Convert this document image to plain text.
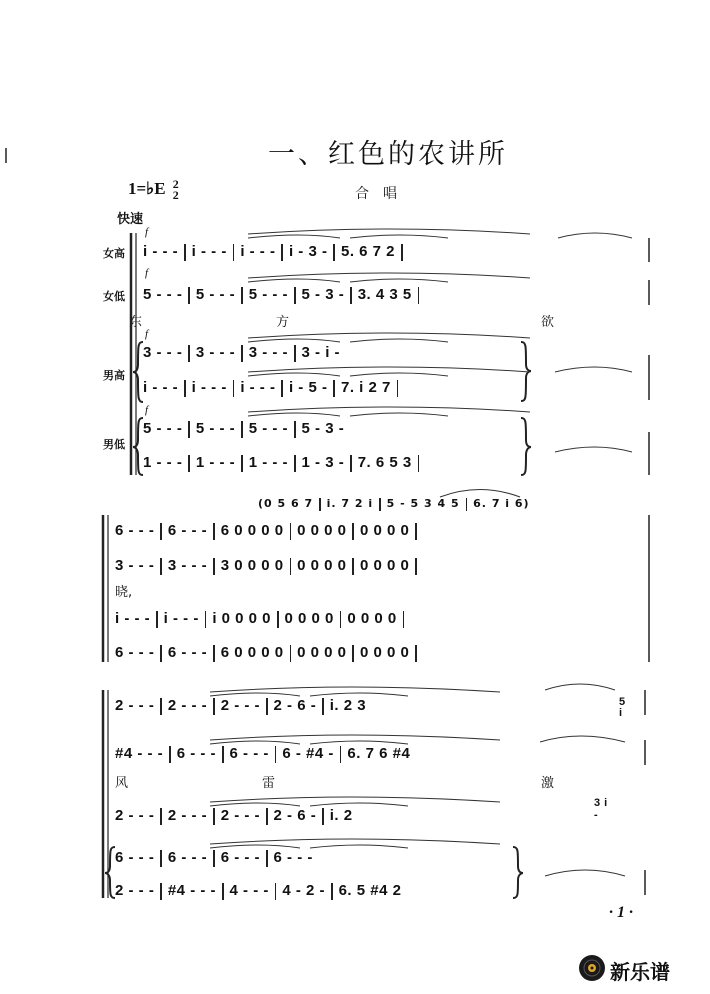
一、红色的农讲所
1=♭E 2
2	合唱
快速
女高
女低
男高
男低
f
f
f
f
i - - - i - - - i - - - i - 3 - 5. 6 7 2
5 - - - 5 - - - 5 - - - 5 - 3 - 3. 4 3 5
东	方	欲
3 - - - 3 - - - 3 - - - 3 - i -
i - - - i - - - i - - - i - 5 - 7. i 2 7
5 - - - 5 - - - 5 - - - 5 - 3 -
1 - - - 1 - - - 1 - - - 1 - 3 - 7. 6 5 3
(0 5 6 7 i. 7 2 i 5 - 5 3 4 5 6. 7 i 6)
6 - - - 6 - - - 6 0 0 0 0 0 0 0 0 0 0 0 0
3 - - - 3 - - - 3 0 0 0 0 0 0 0 0 0 0 0 0
晓,
i - - - i - - - i 0 0 0 0 0 0 0 0 0 0 0 0
6 - - - 6 - - - 6 0 0 0 0 0 0 0 0 0 0 0 0
2 - - - 2 - - - 2 - - - 2 - 6 - i. 2 3	5 i
#4 - - - 6 - - - 6 - - - 6 - #4 - 6. 7 6 #4
风	雷	激
2 - - - 2 - - - 2 - - - 2 - 6 - i. 2
3 i -
6 - - - 6 - - - 6 - - - 6 - - -
2 - - - #4 - - - 4 - - - 4 - 2 - 6. 5 #4 2
· 1 ·
新乐谱
